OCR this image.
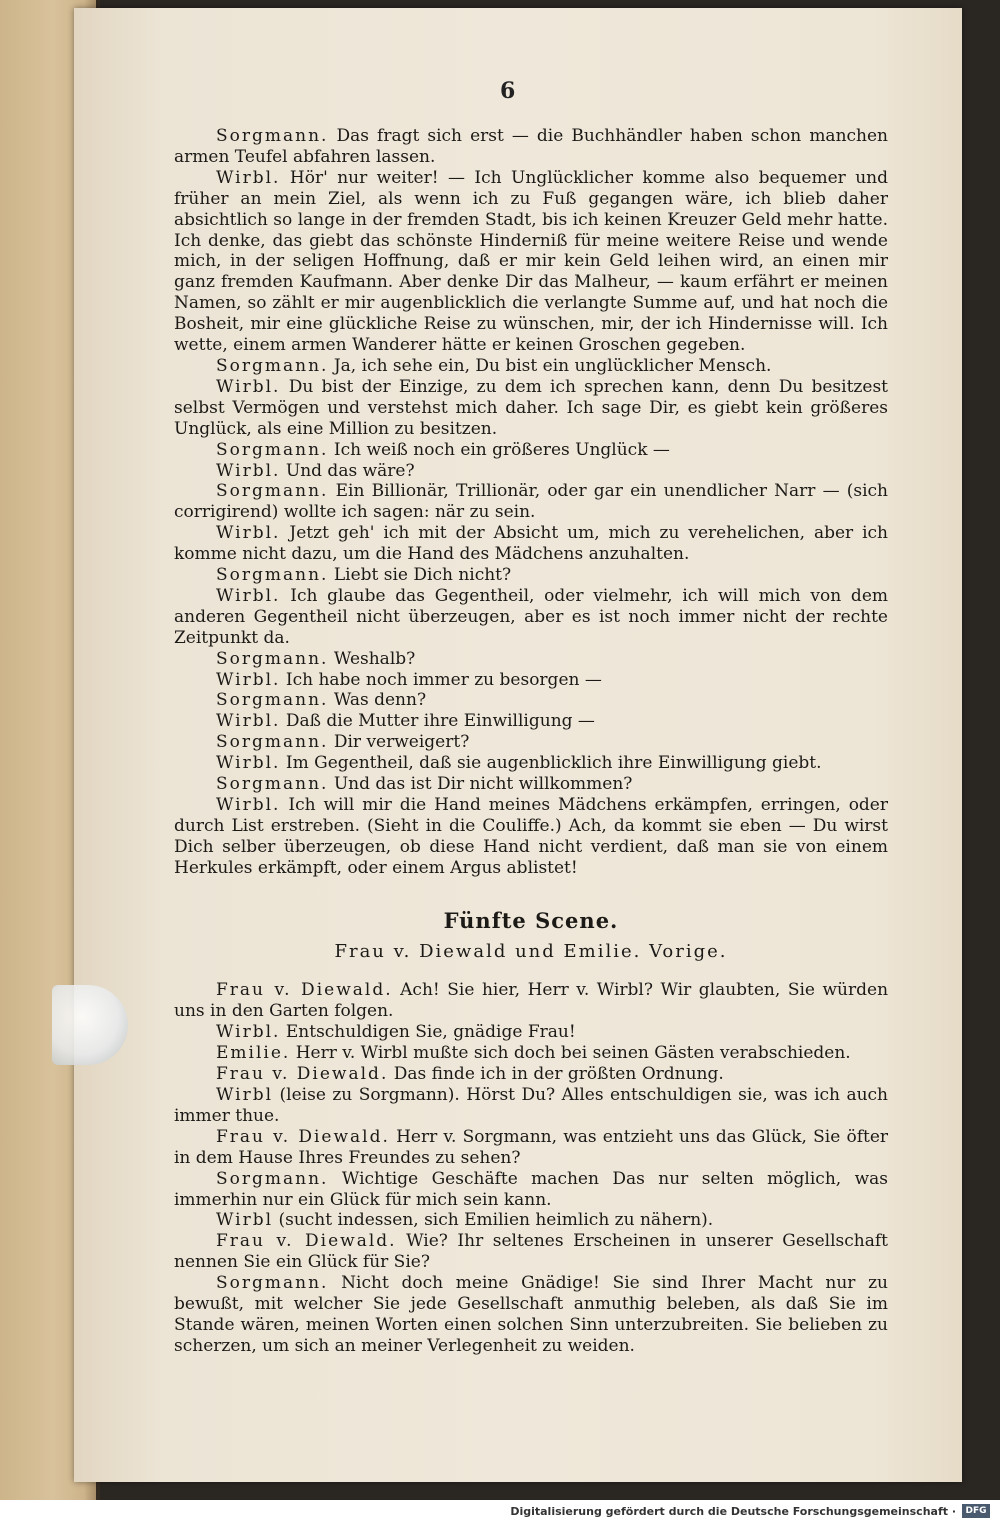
6

Sorgmann. Das fragt sich erst — die Buchhändler haben schon manchen armen Teufel abfahren lassen.

Wirbl. Hör' nur weiter! — Ich Unglücklicher komme also bequemer und früher an mein Ziel, als wenn ich zu Fuß gegangen wäre, ich blieb daher absichtlich so lange in der fremden Stadt, bis ich keinen Kreuzer Geld mehr hatte. Ich denke, das giebt das schönste Hinderniß für meine weitere Reise und wende mich, in der seligen Hoffnung, daß er mir kein Geld leihen wird, an einen mir ganz fremden Kaufmann. Aber denke Dir das Malheur, — kaum erfährt er meinen Namen, so zählt er mir augenblicklich die verlangte Summe auf, und hat noch die Bosheit, mir eine glückliche Reise zu wünschen, mir, der ich Hindernisse will. Ich wette, einem armen Wanderer hätte er keinen Groschen gegeben.

Sorgmann. Ja, ich sehe ein, Du bist ein unglücklicher Mensch.

Wirbl. Du bist der Einzige, zu dem ich sprechen kann, denn Du besitzest selbst Vermögen und verstehst mich daher. Ich sage Dir, es giebt kein größeres Unglück, als eine Million zu besitzen.

Sorgmann. Ich weiß noch ein größeres Unglück —

Wirbl. Und das wäre?

Sorgmann. Ein Billionär, Trillionär, oder gar ein unendlicher Narr — (sich corrigirend) wollte ich sagen: när zu sein.

Wirbl. Jetzt geh' ich mit der Absicht um, mich zu verehelichen, aber ich komme nicht dazu, um die Hand des Mädchens anzuhalten.

Sorgmann. Liebt sie Dich nicht?

Wirbl. Ich glaube das Gegentheil, oder vielmehr, ich will mich von dem anderen Gegentheil nicht überzeugen, aber es ist noch immer nicht der rechte Zeitpunkt da.

Sorgmann. Weshalb?

Wirbl. Ich habe noch immer zu besorgen —

Sorgmann. Was denn?

Wirbl. Daß die Mutter ihre Einwilligung —

Sorgmann. Dir verweigert?

Wirbl. Im Gegentheil, daß sie augenblicklich ihre Einwilligung giebt.

Sorgmann. Und das ist Dir nicht willkommen?

Wirbl. Ich will mir die Hand meines Mädchens erkämpfen, erringen, oder durch List erstreben. (Sieht in die Couliffe.) Ach, da kommt sie eben — Du wirst Dich selber überzeugen, ob diese Hand nicht verdient, daß man sie von einem Herkules erkämpft, oder einem Argus ablistet!

Fünfte Scene.
Frau v. Diewald und Emilie. Vorige.

Frau v. Diewald. Ach! Sie hier, Herr v. Wirbl? Wir glaubten, Sie würden uns in den Garten folgen.

Wirbl. Entschuldigen Sie, gnädige Frau!

Emilie. Herr v. Wirbl mußte sich doch bei seinen Gästen verabschieden.

Frau v. Diewald. Das finde ich in der größten Ordnung.

Wirbl (leise zu Sorgmann). Hörst Du? Alles entschuldigen sie, was ich auch immer thue.

Frau v. Diewald. Herr v. Sorgmann, was entzieht uns das Glück, Sie öfter in dem Hause Ihres Freundes zu sehen?

Sorgmann. Wichtige Geschäfte machen Das nur selten möglich, was immerhin nur ein Glück für mich sein kann.

Wirbl (sucht indessen, sich Emilien heimlich zu nähern).

Frau v. Diewald. Wie? Ihr seltenes Erscheinen in unserer Gesellschaft nennen Sie ein Glück für Sie?

Sorgmann. Nicht doch meine Gnädige! Sie sind Ihrer Macht nur zu bewußt, mit welcher Sie jede Gesellschaft anmuthig beleben, als daß Sie im Stande wären, meinen Worten einen solchen Sinn unterzubreiten. Sie belieben zu scherzen, um sich an meiner Verlegenheit zu weiden.

Digitalisierung gefördert durch die Deutsche Forschungsgemeinschaft ·	DFG
